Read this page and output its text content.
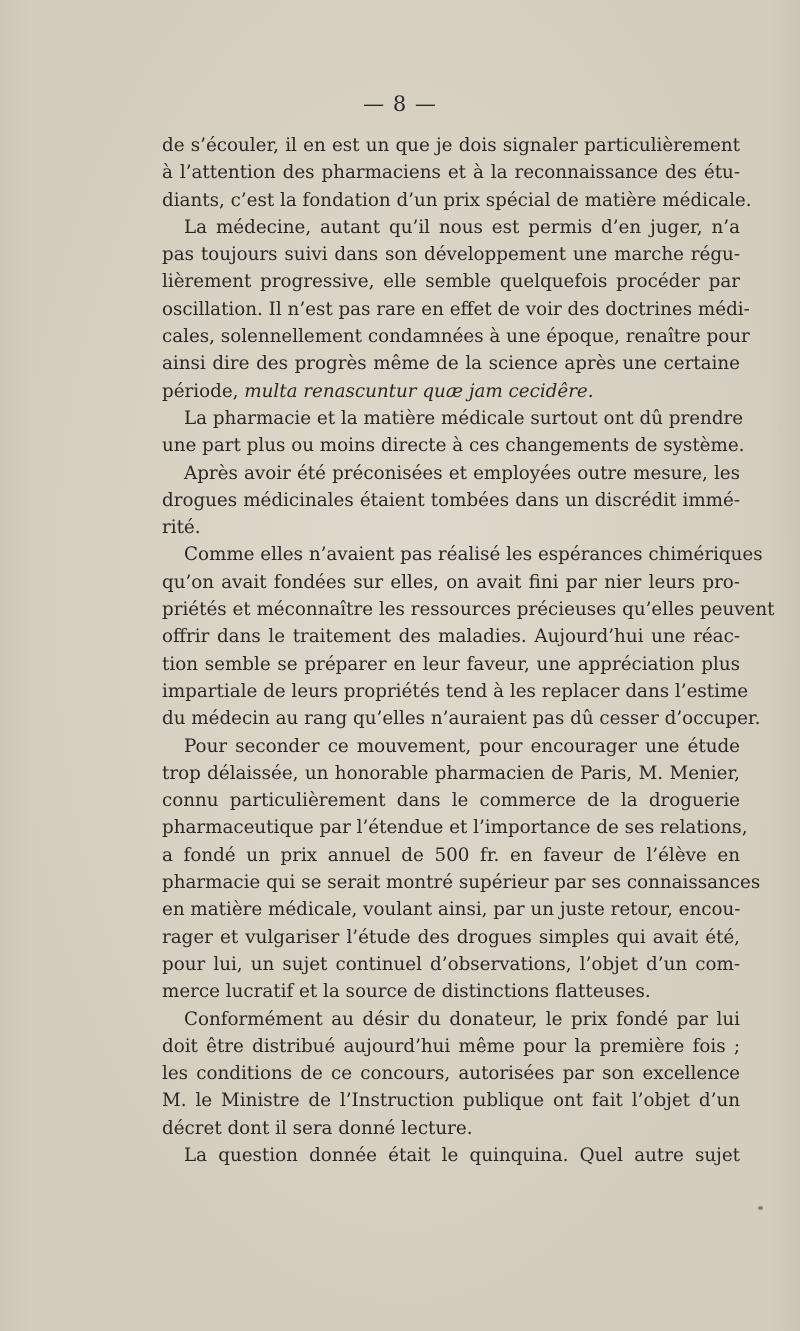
— 8 —
de s’écouler, il en est un que je dois signaler particulièrement
à l’attention des pharmaciens et à la reconnaissance des étu-
diants, c’est la fondation d’un prix spécial de matière médicale.
La médecine, autant qu’il nous est permis d’en juger, n’a
pas toujours suivi dans son développement une marche régu-
lièrement progressive, elle semble quelquefois procéder par
oscillation. Il n’est pas rare en effet de voir des doctrines médi-
cales, solennellement condamnées à une époque, renaître pour
ainsi dire des progrès même de la science après une certaine
période, multa renascuntur quæ jam cecidêre.
La pharmacie et la matière médicale surtout ont dû prendre
une part plus ou moins directe à ces changements de système.
Après avoir été préconisées et employées outre mesure, les
drogues médicinales étaient tombées dans un discrédit immé-
rité.
Comme elles n’avaient pas réalisé les espérances chimériques
qu’on avait fondées sur elles, on avait fini par nier leurs pro-
priétés et méconnaître les ressources précieuses qu’elles peuvent
offrir dans le traitement des maladies. Aujourd’hui une réac-
tion semble se préparer en leur faveur, une appréciation plus
impartiale de leurs propriétés tend à les replacer dans l’estime
du médecin au rang qu’elles n’auraient pas dû cesser d’occuper.
Pour seconder ce mouvement, pour encourager une étude
trop délaissée, un honorable pharmacien de Paris, M. Menier,
connu particulièrement dans le commerce de la droguerie
pharmaceutique par l’étendue et l’importance de ses relations,
a fondé un prix annuel de 500 fr. en faveur de l’élève en
pharmacie qui se serait montré supérieur par ses connaissances
en matière médicale, voulant ainsi, par un juste retour, encou-
rager et vulgariser l’étude des drogues simples qui avait été,
pour lui, un sujet continuel d’observations, l’objet d’un com-
merce lucratif et la source de distinctions flatteuses.
Conformément au désir du donateur, le prix fondé par lui
doit être distribué aujourd’hui même pour la première fois ;
les conditions de ce concours, autorisées par son excellence
M. le Ministre de l’Instruction publique ont fait l’objet d’un
décret dont il sera donné lecture.
La question donnée était le quinquina. Quel autre sujet
